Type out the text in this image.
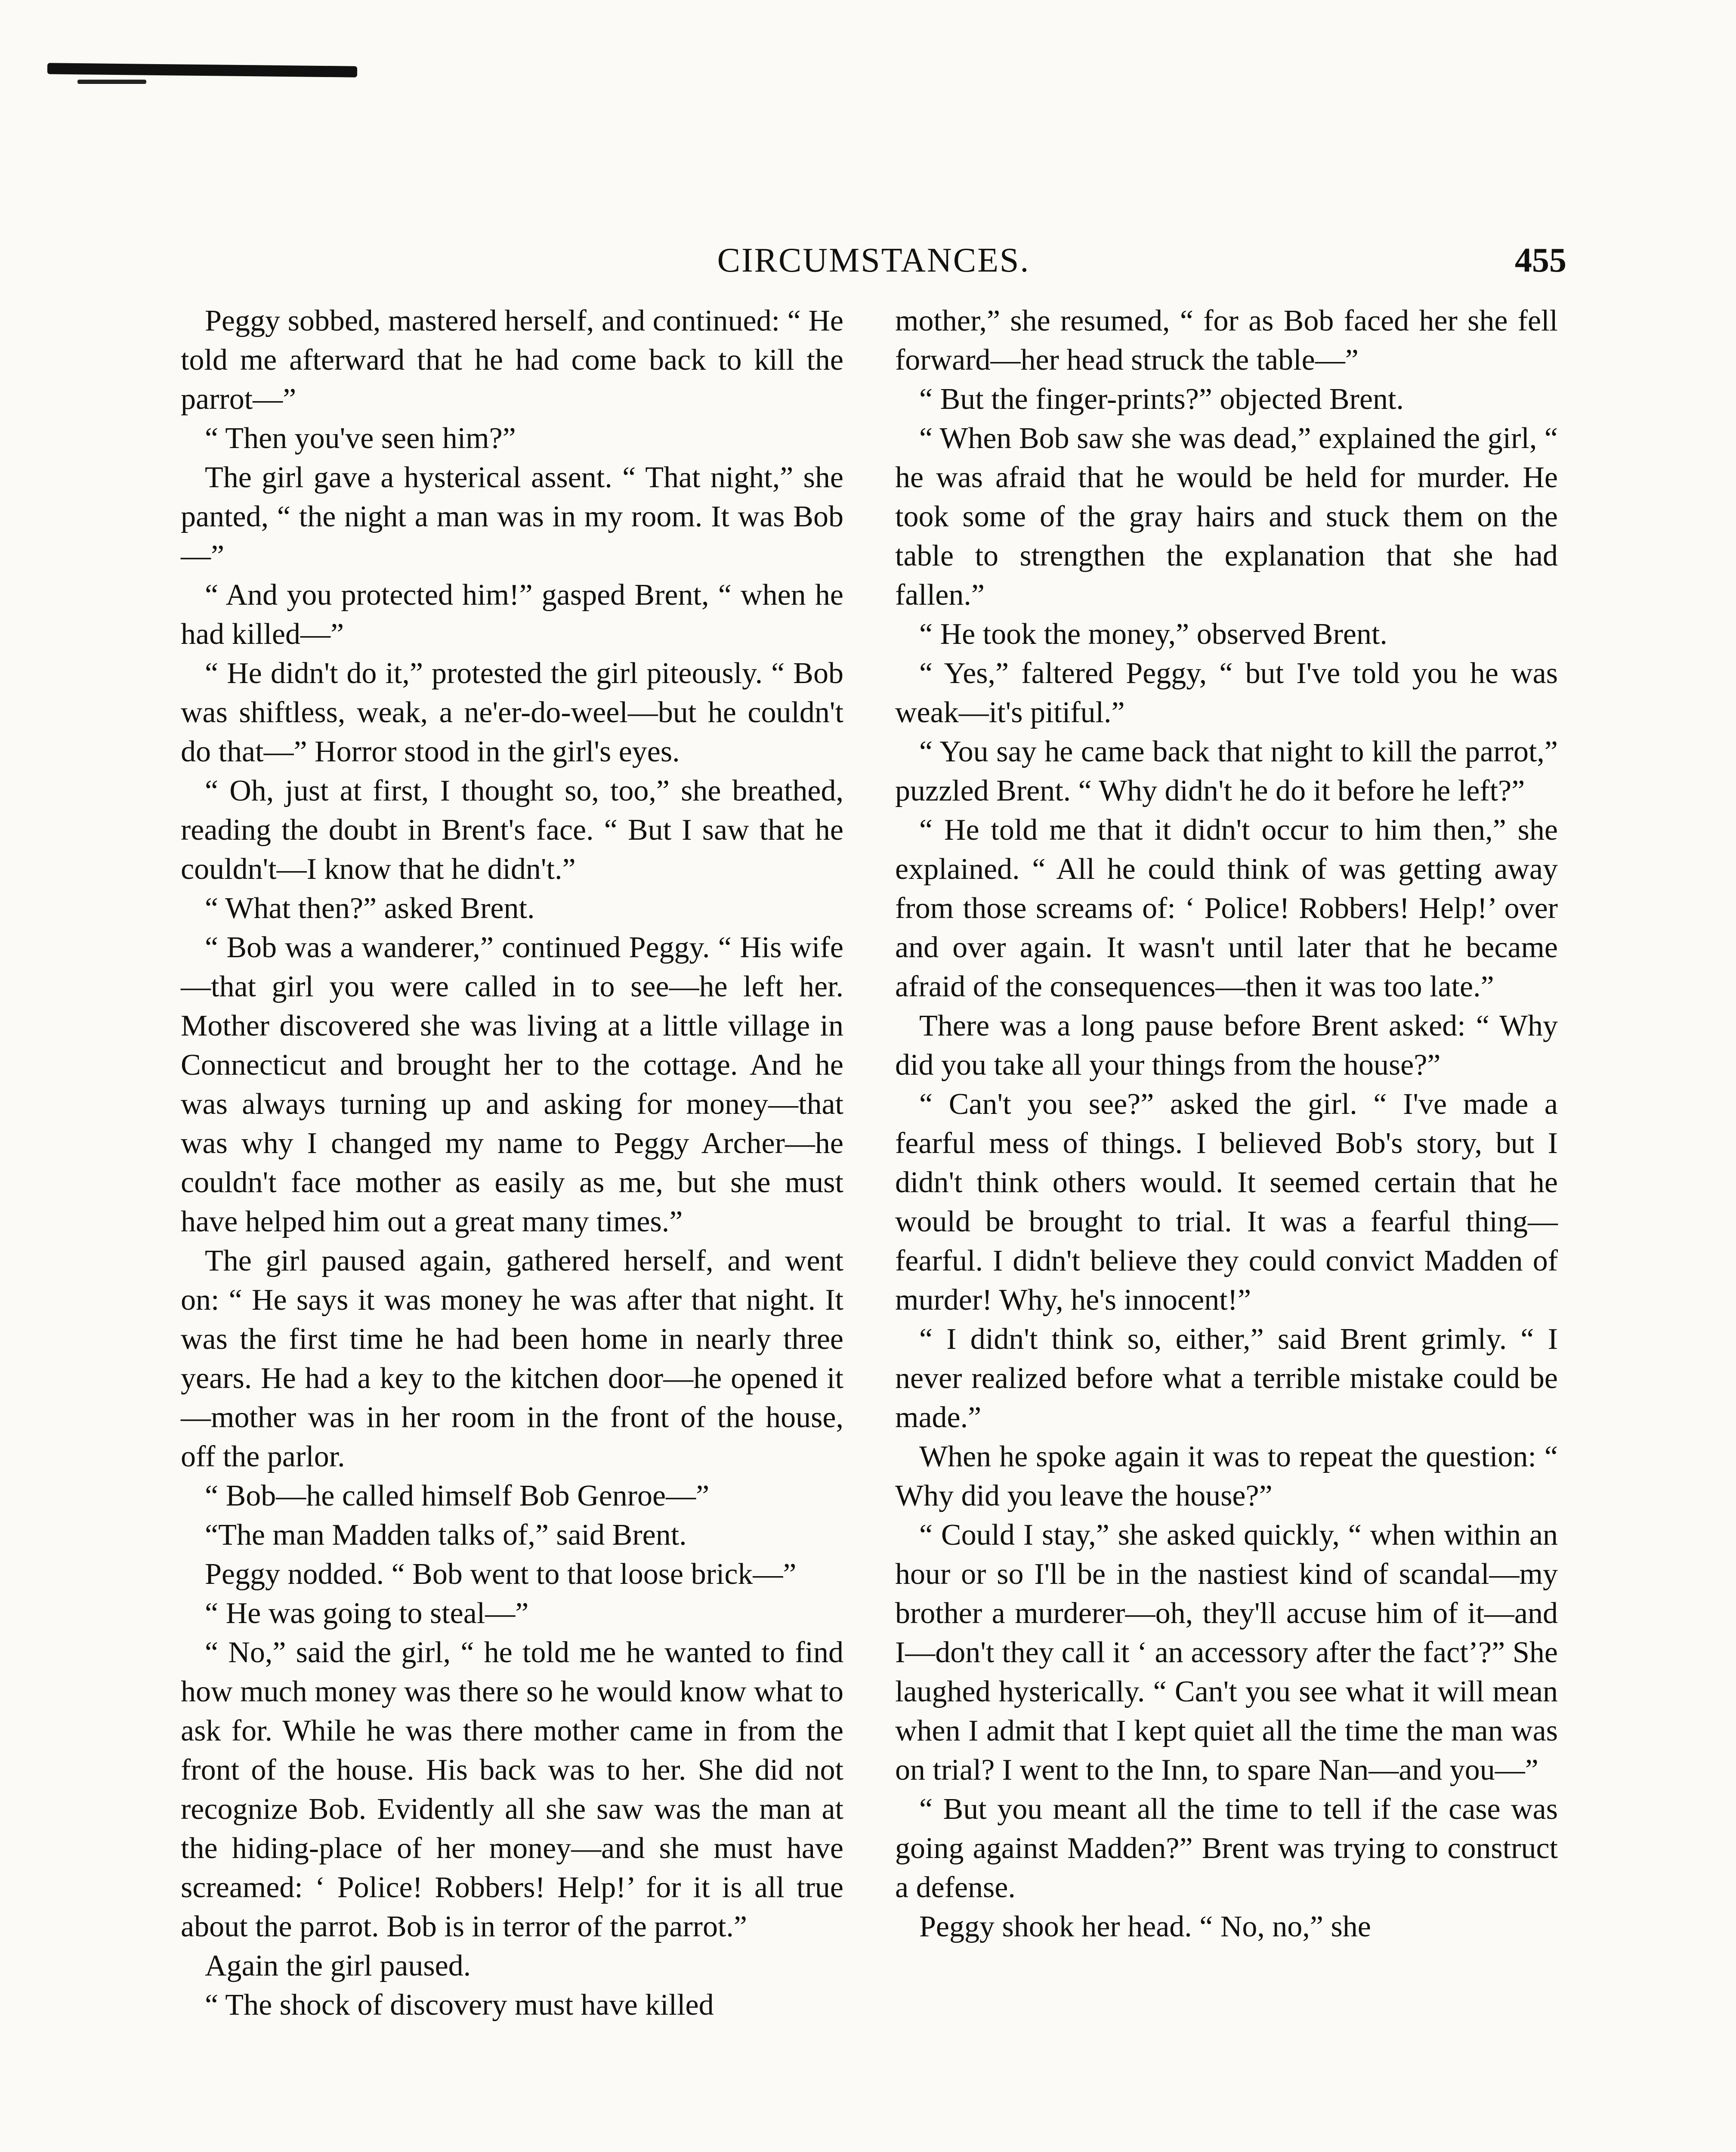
CIRCUMSTANCES.	455

Peggy sobbed, mastered herself, and continued: “ He told me afterward that he had come back to kill the parrot—”

“ Then you've seen him?”

The girl gave a hysterical assent. “ That night,” she panted, “ the night a man was in my room. It was Bob—”

“ And you protected him!” gasped Brent, “ when he had killed—”

“ He didn't do it,” protested the girl piteously. “ Bob was shiftless, weak, a ne'er-do-weel—but he couldn't do that—” Horror stood in the girl's eyes.

“ Oh, just at first, I thought so, too,” she breathed, reading the doubt in Brent's face. “ But I saw that he couldn't—I know that he didn't.”

“ What then?” asked Brent.

“ Bob was a wanderer,” continued Peggy. “ His wife—that girl you were called in to see—he left her. Mother discovered she was living at a little village in Connecticut and brought her to the cottage. And he was always turning up and asking for money—that was why I changed my name to Peggy Archer—he couldn't face mother as easily as me, but she must have helped him out a great many times.”

The girl paused again, gathered herself, and went on: “ He says it was money he was after that night. It was the first time he had been home in nearly three years. He had a key to the kitchen door—he opened it—mother was in her room in the front of the house, off the parlor.

“ Bob—he called himself Bob Genroe—”

“The man Madden talks of,” said Brent.

Peggy nodded. “ Bob went to that loose brick—”

“ He was going to steal—”

“ No,” said the girl, “ he told me he wanted to find how much money was there so he would know what to ask for. While he was there mother came in from the front of the house. His back was to her. She did not recognize Bob. Evidently all she saw was the man at the hiding-place of her money—and she must have screamed: ‘ Police! Robbers! Help!’ for it is all true about the parrot. Bob is in terror of the parrot.”

Again the girl paused.

“ The shock of discovery must have killed

mother,” she resumed, “ for as Bob faced her she fell forward—her head struck the table—”

“ But the finger-prints?” objected Brent.

“ When Bob saw she was dead,” explained the girl, “ he was afraid that he would be held for murder. He took some of the gray hairs and stuck them on the table to strengthen the explanation that she had fallen.”

“ He took the money,” observed Brent.

“ Yes,” faltered Peggy, “ but I've told you he was weak—it's pitiful.”

“ You say he came back that night to kill the parrot,” puzzled Brent. “ Why didn't he do it before he left?”

“ He told me that it didn't occur to him then,” she explained. “ All he could think of was getting away from those screams of: ‘ Police! Robbers! Help!’ over and over again. It wasn't until later that he became afraid of the consequences—then it was too late.”

There was a long pause before Brent asked: “ Why did you take all your things from the house?”

“ Can't you see?” asked the girl. “ I've made a fearful mess of things. I believed Bob's story, but I didn't think others would. It seemed certain that he would be brought to trial. It was a fearful thing—fearful. I didn't believe they could convict Madden of murder! Why, he's innocent!”

“ I didn't think so, either,” said Brent grimly. “ I never realized before what a terrible mistake could be made.”

When he spoke again it was to repeat the question: “ Why did you leave the house?”

“ Could I stay,” she asked quickly, “ when within an hour or so I'll be in the nastiest kind of scandal—my brother a murderer—oh, they'll accuse him of it—and I—don't they call it ‘ an accessory after the fact’?” She laughed hysterically. “ Can't you see what it will mean when I admit that I kept quiet all the time the man was on trial? I went to the Inn, to spare Nan—and you—”

“ But you meant all the time to tell if the case was going against Madden?” Brent was trying to construct a defense.

Peggy shook her head. “ No, no,” she
